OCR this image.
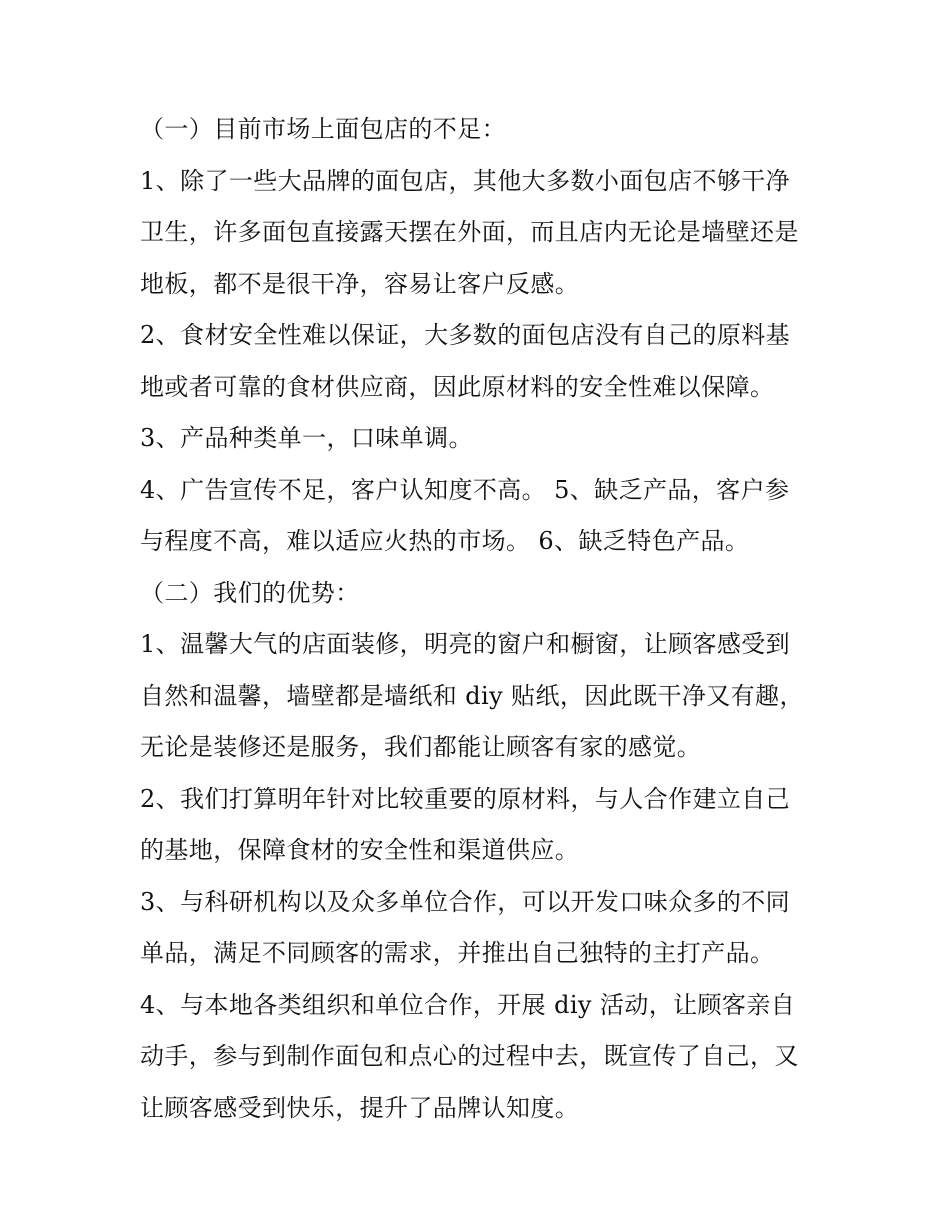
（一）目前市场上面包店的不足：

1、除了一些大品牌的面包店，其他大多数小面包店不够干净

卫生，许多面包直接露天摆在外面，而且店内无论是墙壁还是

地板，都不是很干净，容易让客户反感。

2、食材安全性难以保证，大多数的面包店没有自己的原料基

地或者可靠的食材供应商，因此原材料的安全性难以保障。

3、产品种类单一，口味单调。

4、广告宣传不足，客户认知度不高。 5、缺乏产品，客户参

与程度不高，难以适应火热的市场。 6、缺乏特色产品。

（二）我们的优势：

1、温馨大气的店面装修，明亮的窗户和橱窗，让顾客感受到

自然和温馨，墙壁都是墙纸和 diy 贴纸，因此既干净又有趣，

无论是装修还是服务，我们都能让顾客有家的感觉。

2、我们打算明年针对比较重要的原材料，与人合作建立自己

的基地，保障食材的安全性和渠道供应。

3、与科研机构以及众多单位合作，可以开发口味众多的不同

单品，满足不同顾客的需求，并推出自己独特的主打产品。

4、与本地各类组织和单位合作，开展 diy 活动，让顾客亲自

动手，参与到制作面包和点心的过程中去，既宣传了自己，又

让顾客感受到快乐，提升了品牌认知度。
